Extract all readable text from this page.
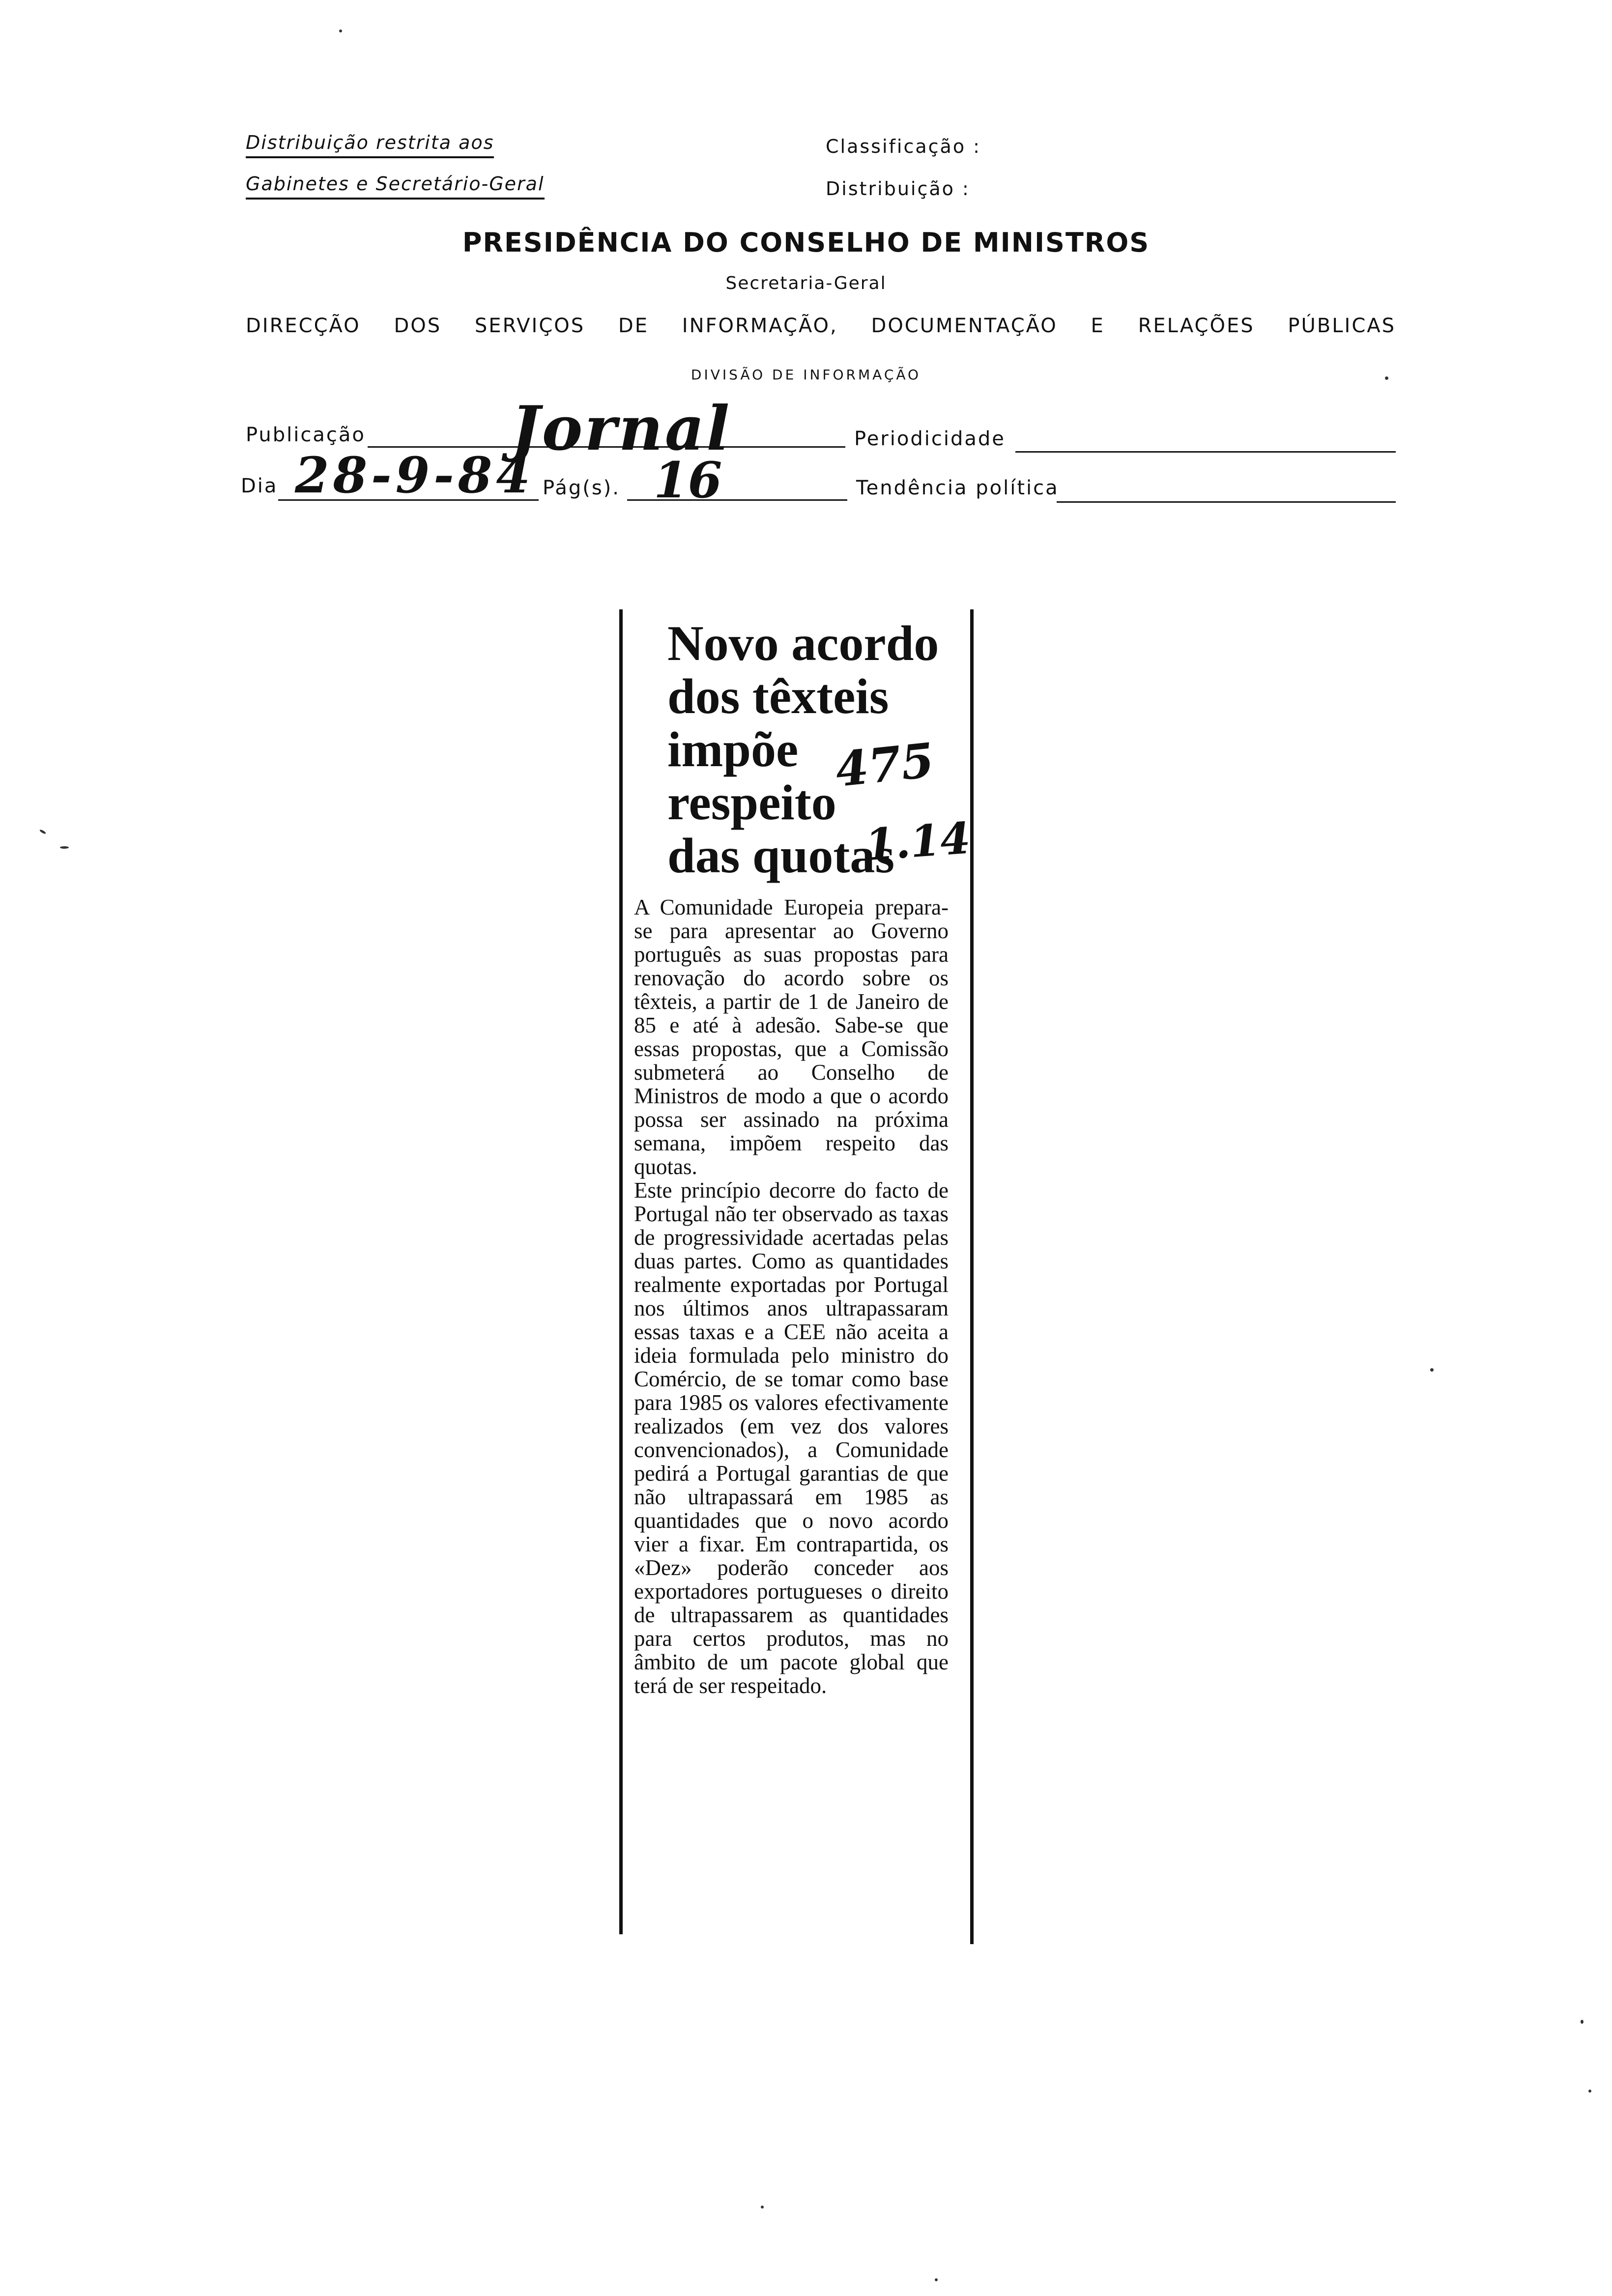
Distribuição restrita aos
Gabinetes e Secretário-Geral
Classificação :
Distribuição :
PRESIDÊNCIA DO CONSELHO DE MINISTROS
Secretaria-Geral
DIRECÇÃO DOS SERVIÇOS DE INFORMAÇÃO, DOCUMENTAÇÃO E RELAÇÕES PÚBLICAS
DIVISÃO DE INFORMAÇÃO
Publicação Jornal	Periodicidade
Dia 28-9-84 Pág(s). 16	Tendência política
Novo acordo
dos têxteis
impõe
respeito
das quotas
475
1.14

A Comunidade Europeia prepara-se para apresentar ao Governo português as suas propostas para renovação do acordo sobre os têxteis, a partir de 1 de Janeiro de 85 e até à adesão. Sabe-se que essas propostas, que a Comissão submeterá ao Conselho de Ministros de modo a que o acordo possa ser assinado na próxima semana, impõem respeito das quotas.
Este princípio decorre do facto de Portugal não ter observado as taxas de progressividade acertadas pelas duas partes. Como as quantidades realmente exportadas por Portugal nos últimos anos ultrapassaram essas taxas e a CEE não aceita a ideia formulada pelo ministro do Comércio, de se tomar como base para 1985 os valores efectivamente realizados (em vez dos valores convencionados), a Comunidade pedirá a Portugal garantias de que não ultrapassará em 1985 as quantidades que o novo acordo vier a fixar. Em contrapartida, os «Dez» poderão conceder aos exportadores portugueses o direito de ultrapassarem as quantidades para certos produtos, mas no âmbito de um pacote global que terá de ser respeitado.
